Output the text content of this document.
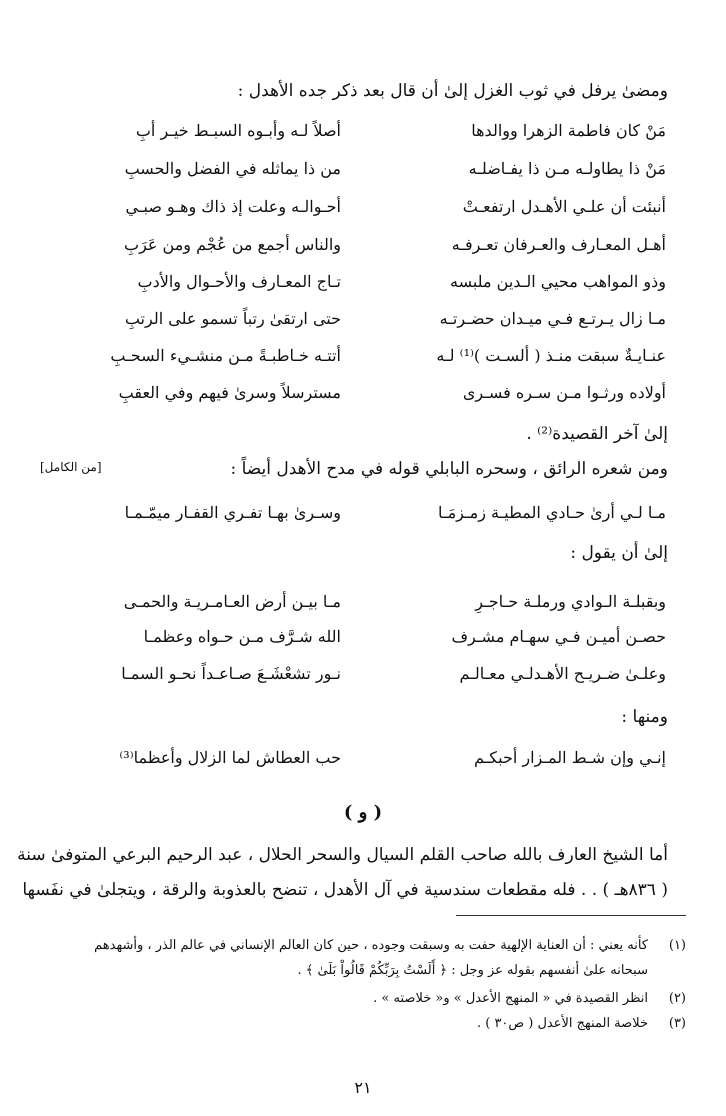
ومضىٰ يرفل في ثوب الغزل إلىٰ أن قال بعد ذكر جده الأهدل :
مَنْ كان فاطمة الزهرا ووالدها
أصلاً لـه وأبـوه السبـط خيـر أبِ
مَنْ ذا يطاولـه مـن ذا يفـاضلـه
من ذا يماثله في الفضل والحسبِ
أنبئت أن علـي الأهـدل ارتفعـتْ
أحـوالـه وعلت إذ ذاك وهـو صبـي
أهـل المعـارف والعـرفان تعـرفـه
والناس أجمع من عُجْم ومن عَرَبِ
وذو المواهب محيي الـدين ملبسه
تـاج المعـارف والأحـوال والأدبِ
مـا زال يـرتـع فـي ميـدان حضـرتـه
حتى ارتقىٰ رتباً تسمو على الرتبِ
عنـايـةٌ سبقت منـذ ( ألسـت )⁽¹⁾ لـه
أتتـه خـاطبـةً مـن منشـيء السحـبِ
أولاده ورثـوا مـن سـره فسـرى
مسترسلاً وسرىٰ فيهم وفي العقبِ
إلىٰ آخر القصيدة⁽²⁾ .
ومن شعره الرائق ، وسحره البابلي قوله في مدح الأهدل أيضاً :
[من الكامل]
مـا لـي أرىٰ حـادي المطيـة زمـزمَـا
وسـرىٰ بهـا تفـري القفـار ميمّـمـا
إلىٰ أن يقول :
وبقبلـة الـوادي ورملـة حـاجـرِ
مـا بيـن أرض العـامـريـة والحمـى
حصـن أميـن فـي سهـام مشـرف
الله شـرَّف مـن حـواه وعظمـا
وعلـىٰ ضـريـح الأهـدلـي معـالـم
نـور تشعْشَـعَ صـاعـداً نحـو السمـا
ومنها :
إنـي وإن شـط المـزار أحبكـم
حب العطاش لما الزلال وأعظما⁽³⁾
( و )
أما الشيخ العارف بالله صاحب القلم السيال والسحر الحلال ، عبد الرحيم البرعي المتوفىٰ سنة
( ٨٣٦هـ ) . . فله مقطعات سندسية في آل الأهدل ، تنضح بالعذوبة والرقة ، ويتجلىٰ في نفَسها
(١)كأنه يعني : أن العناية الإلهية حفت به وسبقت وجوده ، حين كان العالم الإنساني في عالم الذر ، وأشهدهم
سبحانه علىٰ أنفسهم بقوله عز وجل : ﴿ أَلَسْتُ بِرَبِّكُمْ قَالُواْ بَلَىٰ ﴾ .
(٢)انظر القصيدة في « المنهج الأعدل » و« خلاصته » .
(٣)خلاصة المنهج الأعدل ( ص٣٠ ) .
٢١
